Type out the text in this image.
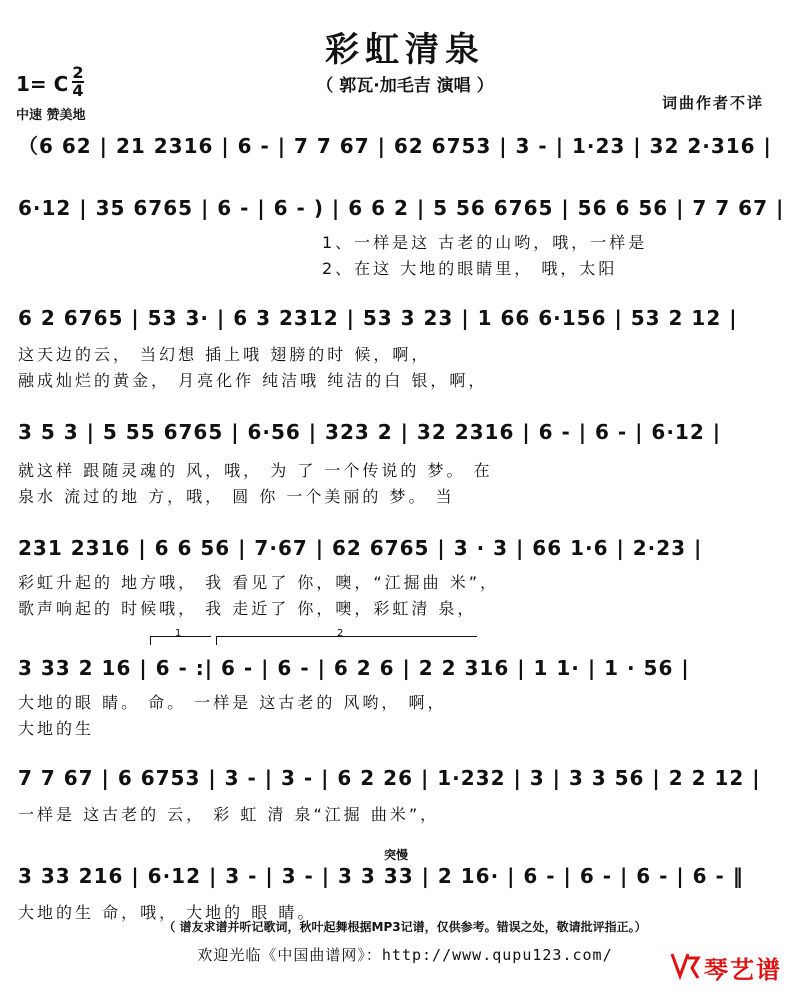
彩虹清泉
（ 郭瓦·加毛吉 演唱 ）
1= C 2
4
中速 赞美地
词曲作者不详
（6 62 | 21 2316 | 6 - | 7 7 67 | 62 6753 | 3 - | 1·23 | 32 2·316 |
6·12 | 35 6765 | 6 - | 6 - ) | 6 6 2 | 5 56 6765 | 56 6 56 | 7 7 67 |
1、一样是这 古老的山哟，哦，一样是
2、在这 大地的眼睛里， 哦，太阳
6 2 6765 | 53 3· | 6 3 2312 | 53 3 23 | 1 66 6·156 | 53 2 12 |
这天边的云， 当幻想 插上哦 翅膀的时 候，啊，
融成灿烂的黄金， 月亮化作 纯洁哦 纯洁的白 银，啊，
3 5 3 | 5 55 6765 | 6·56 | 323 2 | 32 2316 | 6 - | 6 - | 6·12 |
就这样 跟随灵魂的 风，哦， 为 了 一个传说的 梦。 在
泉水 流过的地 方，哦， 圆 你 一个美丽的 梦。 当
231 2316 | 6 6 56 | 7·67 | 62 6765 | 3 · 3 | 66 1·6 | 2·23 |
彩虹升起的 地方哦， 我 看见了 你，噢，“江掘曲 米”，
歌声响起的 时候哦， 我 走近了 你，噢，彩虹清 泉，
1	2
3 33 2 16 | 6 - :| 6 - | 6 - | 6 2 6 | 2 2 316 | 1 1· | 1 · 56 |
大地的眼 睛。 命。 一样是 这古老的 风哟， 啊，
大地的生
7 7 67 | 6 6753 | 3 - | 3 - | 6 2 26 | 1·232 | 3 | 3 3 56 | 2 2 12 |
一样是 这古老的 云， 彩 虹 清 泉“江掘 曲米”，
突慢
3 33 216 | 6·12 | 3 - | 3 - | 3 3 33 | 2 16· | 6 - | 6 - | 6 - | 6 - ‖
大地的生 命，哦， 大地的 眼 睛。
（ 谱友求谱并听记歌词，秋叶起舞根据MP3记谱，仅供参考。错误之处，敬请批评指正。）
欢迎光临《中国曲谱网》：http://www.qupu123.com/
琴艺谱
